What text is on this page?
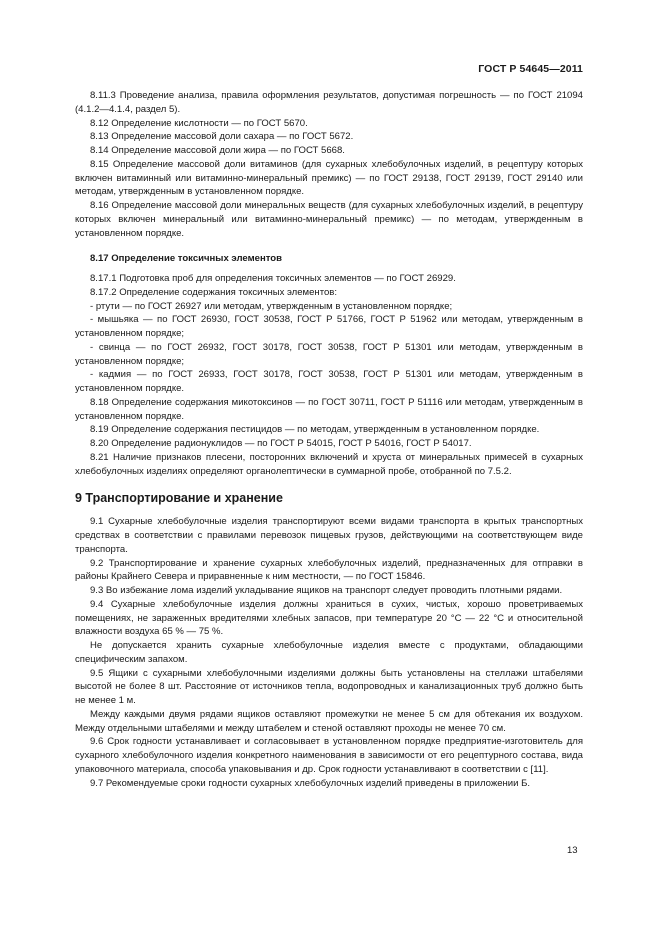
ГОСТ Р 54645—2011

8.11.3 Проведение анализа, правила оформления результатов, допустимая погрешность — по ГОСТ 21094 (4.1.2—4.1.4, раздел 5).

8.12 Определение кислотности — по ГОСТ 5670.

8.13 Определение массовой доли сахара — по ГОСТ 5672.

8.14 Определение массовой доли жира — по ГОСТ 5668.

8.15 Определение массовой доли витаминов (для сухарных хлебобулочных изделий, в рецептуру которых включен витаминный или витаминно-минеральный премикс) — по ГОСТ 29138, ГОСТ 29139, ГОСТ 29140 или методам, утвержденным в установленном порядке.

8.16 Определение массовой доли минеральных веществ (для сухарных хлебобулочных изделий, в рецептуру которых включен минеральный или витаминно-минеральный премикс) — по методам, утвержденным в установленном порядке.

8.17 Определение токсичных элементов

8.17.1 Подготовка проб для определения токсичных элементов — по ГОСТ 26929.

8.17.2 Определение содержания токсичных элементов:

- ртути — по ГОСТ 26927 или методам, утвержденным в установленном порядке;

- мышьяка — по ГОСТ 26930, ГОСТ 30538, ГОСТ Р 51766, ГОСТ Р 51962 или методам, утвержденным в установленном порядке;

- свинца — по ГОСТ 26932, ГОСТ 30178, ГОСТ 30538, ГОСТ Р 51301 или методам, утвержденным в установленном порядке;

- кадмия — по ГОСТ 26933, ГОСТ 30178, ГОСТ 30538, ГОСТ Р 51301 или методам, утвержденным в установленном порядке.

8.18 Определение содержания микотоксинов — по ГОСТ 30711, ГОСТ Р 51116 или методам, утвержденным в установленном порядке.

8.19 Определение содержания пестицидов — по методам, утвержденным в установленном порядке.

8.20 Определение радионуклидов — по ГОСТ Р 54015, ГОСТ Р 54016, ГОСТ Р 54017.

8.21 Наличие признаков плесени, посторонних включений и хруста от минеральных примесей в сухарных хлебобулочных изделиях определяют органолептически в суммарной пробе, отобранной по 7.5.2.

9 Транспортирование и хранение

9.1 Сухарные хлебобулочные изделия транспортируют всеми видами транспорта в крытых транспортных средствах в соответствии с правилами перевозок пищевых грузов, действующими на соответствующем виде транспорта.

9.2 Транспортирование и хранение сухарных хлебобулочных изделий, предназначенных для отправки в районы Крайнего Севера и приравненные к ним местности, — по ГОСТ 15846.

9.3 Во избежание лома изделий укладывание ящиков на транспорт следует проводить плотными рядами.

9.4 Сухарные хлебобулочные изделия должны храниться в сухих, чистых, хорошо проветриваемых помещениях, не зараженных вредителями хлебных запасов, при температуре 20 °С — 22 °С и относительной влажности воздуха 65 % — 75 %.

Не допускается хранить сухарные хлебобулочные изделия вместе с продуктами, обладающими специфическим запахом.

9.5 Ящики с сухарными хлебобулочными изделиями должны быть установлены на стеллажи штабелями высотой не более 8 шт. Расстояние от источников тепла, водопроводных и канализационных труб должно быть не менее 1 м.

Между каждыми двумя рядами ящиков оставляют промежутки не менее 5 см для обтекания их воздухом. Между отдельными штабелями и между штабелем и стеной оставляют проходы не менее 70 см.

9.6 Срок годности устанавливает и согласовывает в установленном порядке предприятие-изготовитель для сухарного хлебобулочного изделия конкретного наименования в зависимости от его рецептурного состава, вида упаковочного материала, способа упаковывания и др. Срок годности устанавливают в соответствии с [11].

9.7 Рекомендуемые сроки годности сухарных хлебобулочных изделий приведены в приложении Б.

13
